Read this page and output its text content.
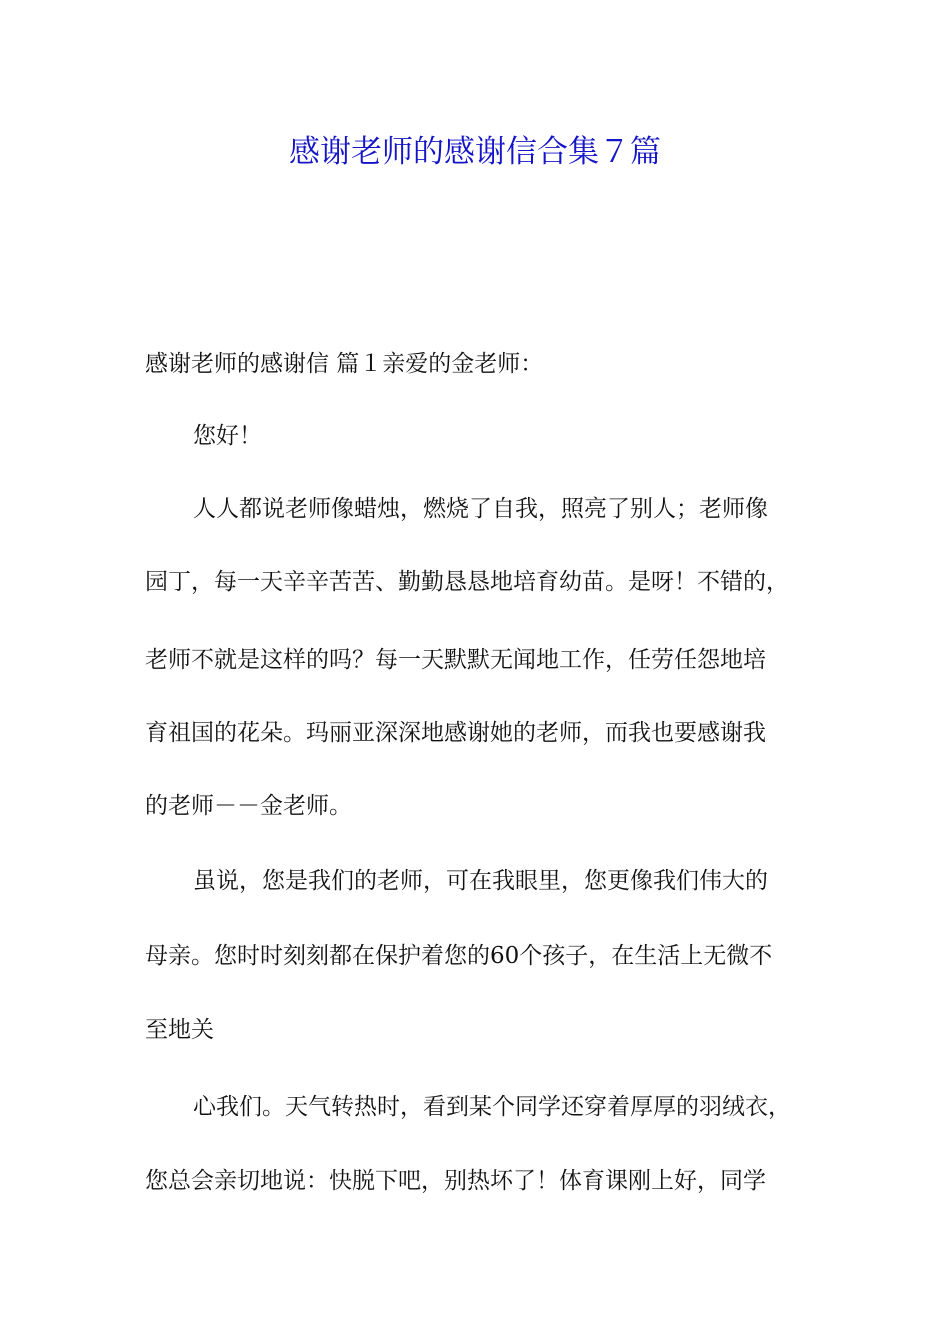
感谢老师的感谢信合集７篇

感谢老师的感谢信 篇１亲爱的金老师：

您好！

人人都说老师像蜡烛，燃烧了自我，照亮了别人；老师像

园丁，每一天辛辛苦苦、勤勤恳恳地培育幼苗。是呀！不错的，

老师不就是这样的吗？每一天默默无闻地工作，任劳任怨地培

育祖国的花朵。玛丽亚深深地感谢她的老师，而我也要感谢我

的老师－－金老师。

虽说，您是我们的老师，可在我眼里，您更像我们伟大的

母亲。您时时刻刻都在保护着您的60个孩子，在生活上无微不

至地关

心我们。天气转热时，看到某个同学还穿着厚厚的羽绒衣，

您总会亲切地说：快脱下吧，别热坏了！体育课刚上好，同学
